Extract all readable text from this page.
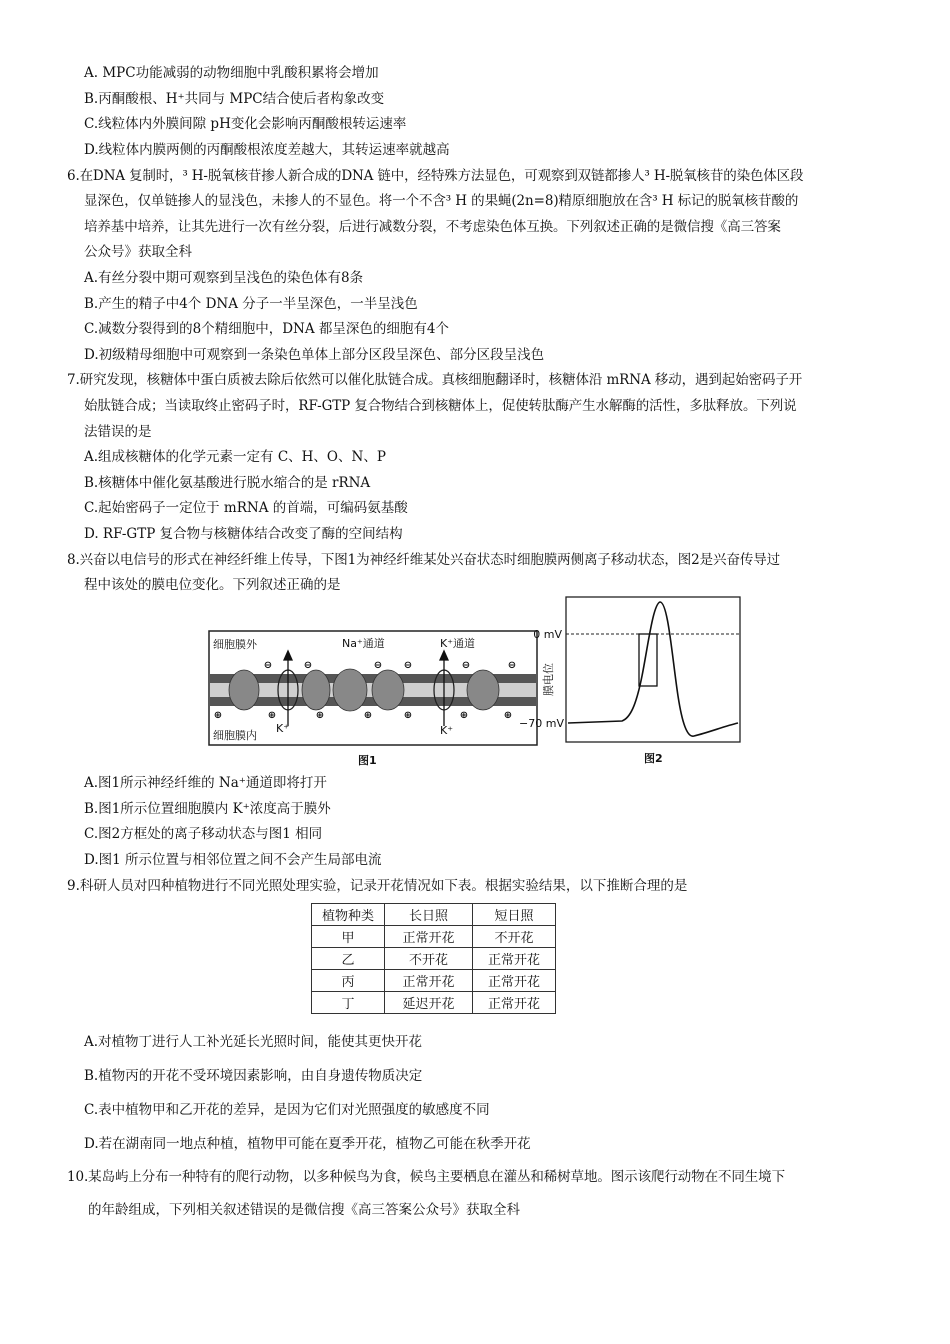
A. MPC功能减弱的动物细胞中乳酸积累将会增加
B.丙酮酸根、H⁺共同与 MPC结合使后者构象改变
C.线粒体内外膜间隙 pH变化会影响丙酮酸根转运速率
D.线粒体内膜两侧的丙酮酸根浓度差越大，其转运速率就越高
6.在DNA 复制时，³ H-脱氧核苷掺人新合成的DNA 链中，经特殊方法显色，可观察到双链都掺人³ H-脱氧核苷的染色体区段
显深色，仅单链掺人的显浅色，未掺人的不显色。将一个不含³ H 的果蝇(2n=8)精原细胞放在含³ H 标记的脱氧核苷酸的
培养基中培养，让其先进行一次有丝分裂，后进行减数分裂，不考虑染色体互换。下列叙述正确的是微信搜《高三答案
公众号》获取全科
A.有丝分裂中期可观察到呈浅色的染色体有8条
B.产生的精子中4个 DNA 分子一半呈深色，一半呈浅色
C.减数分裂得到的8个精细胞中，DNA 都呈深色的细胞有4个
D.初级精母细胞中可观察到一条染色单体上部分区段呈深色、部分区段呈浅色
7.研究发现，核糖体中蛋白质被去除后依然可以催化肽链合成。真核细胞翻译时，核糖体沿 mRNA 移动，遇到起始密码子开
始肽链合成；当读取终止密码子时，RF-GTP 复合物结合到核糖体上，促使转肽酶产生水解酶的活性，多肽释放。下列说
法错误的是
A.组成核糖体的化学元素一定有 C、H、O、N、P
B.核糖体中催化氨基酸进行脱水缩合的是 rRNA
C.起始密码子一定位于 mRNA 的首端，可编码氨基酸
D. RF-GTP 复合物与核糖体结合改变了酶的空间结构
8.兴奋以电信号的形式在神经纤维上传导，下图1为神经纤维某处兴奋状态时细胞膜两侧离子移动状态，图2是兴奋传导过
程中该处的膜电位变化。下列叙述正确的是
⊖	⊖	⊖ ⊖	⊖	⊖
⊕	⊕	⊕	⊕	⊕	⊕	⊕
细胞膜外
细胞膜内
Na⁺通道	K⁺通道
K⁺	K⁺
图1
0 mV
−70 mV
膜电位
图2
A.图1所示神经纤维的 Na⁺通道即将打开
B.图1所示位置细胞膜内 K⁺浓度高于膜外
C.图2方框处的离子移动状态与图1 相同
D.图1 所示位置与相邻位置之间不会产生局部电流
9.科研人员对四种植物进行不同光照处理实验，记录开花情况如下表。根据实验结果，以下推断合理的是
植物种类	长日照	短日照
甲	正常开花	不开花
乙	不开花	正常开花
丙	正常开花	正常开花
丁	延迟开花	正常开花
A.对植物丁进行人工补光延长光照时间，能使其更快开花
B.植物丙的开花不受环境因素影响，由自身遗传物质决定
C.表中植物甲和乙开花的差异，是因为它们对光照强度的敏感度不同
D.若在湖南同一地点种植，植物甲可能在夏季开花，植物乙可能在秋季开花
10.某岛屿上分布一种特有的爬行动物，以多种候鸟为食，候鸟主要栖息在灌丛和稀树草地。图示该爬行动物在不同生境下
的年龄组成，下列相关叙述错误的是微信搜《高三答案公众号》获取全科
